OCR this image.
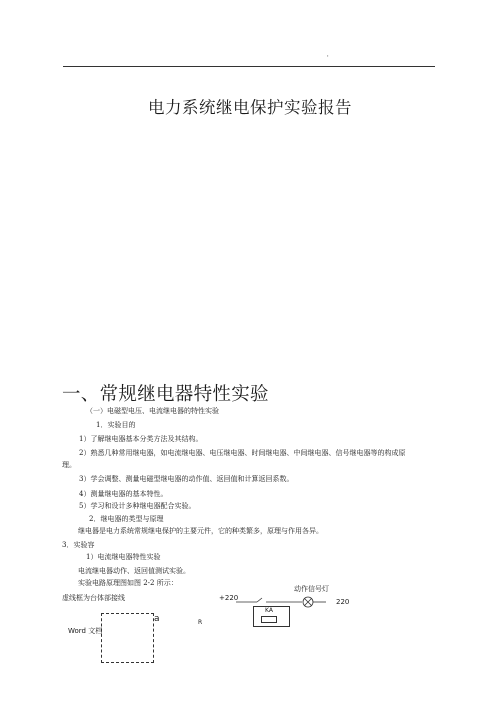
'
电力系统继电保护实验报告
一、常规继电器特性实验
（一）电磁型电压、电流继电器的特性实验
1．实验目的
1）了解继电器基本分类方法及其结构。
2）熟悉几种常用继电器，如电流继电器、电压继电器、时间继电器、中间继电器、信号继电器等的构成原
理。
3）学会调整、测量电磁型继电器的动作值、返回值和计算返回系数。
4）测量继电器的基本特性。
5）学习和设计多种继电器配合实验。
2．继电器的类型与原理
继电器是电力系统常规继电保护的主要元件，它的种类繁多，原理与作用各异。
3．实验容
1）电流继电器特性实验
电流继电器动作、返回值测试实验。
实验电路原理图如图 2-2 所示：
虚线框为台体部接线
Word 文档
a	R
+220
动作信号灯
220
KA
